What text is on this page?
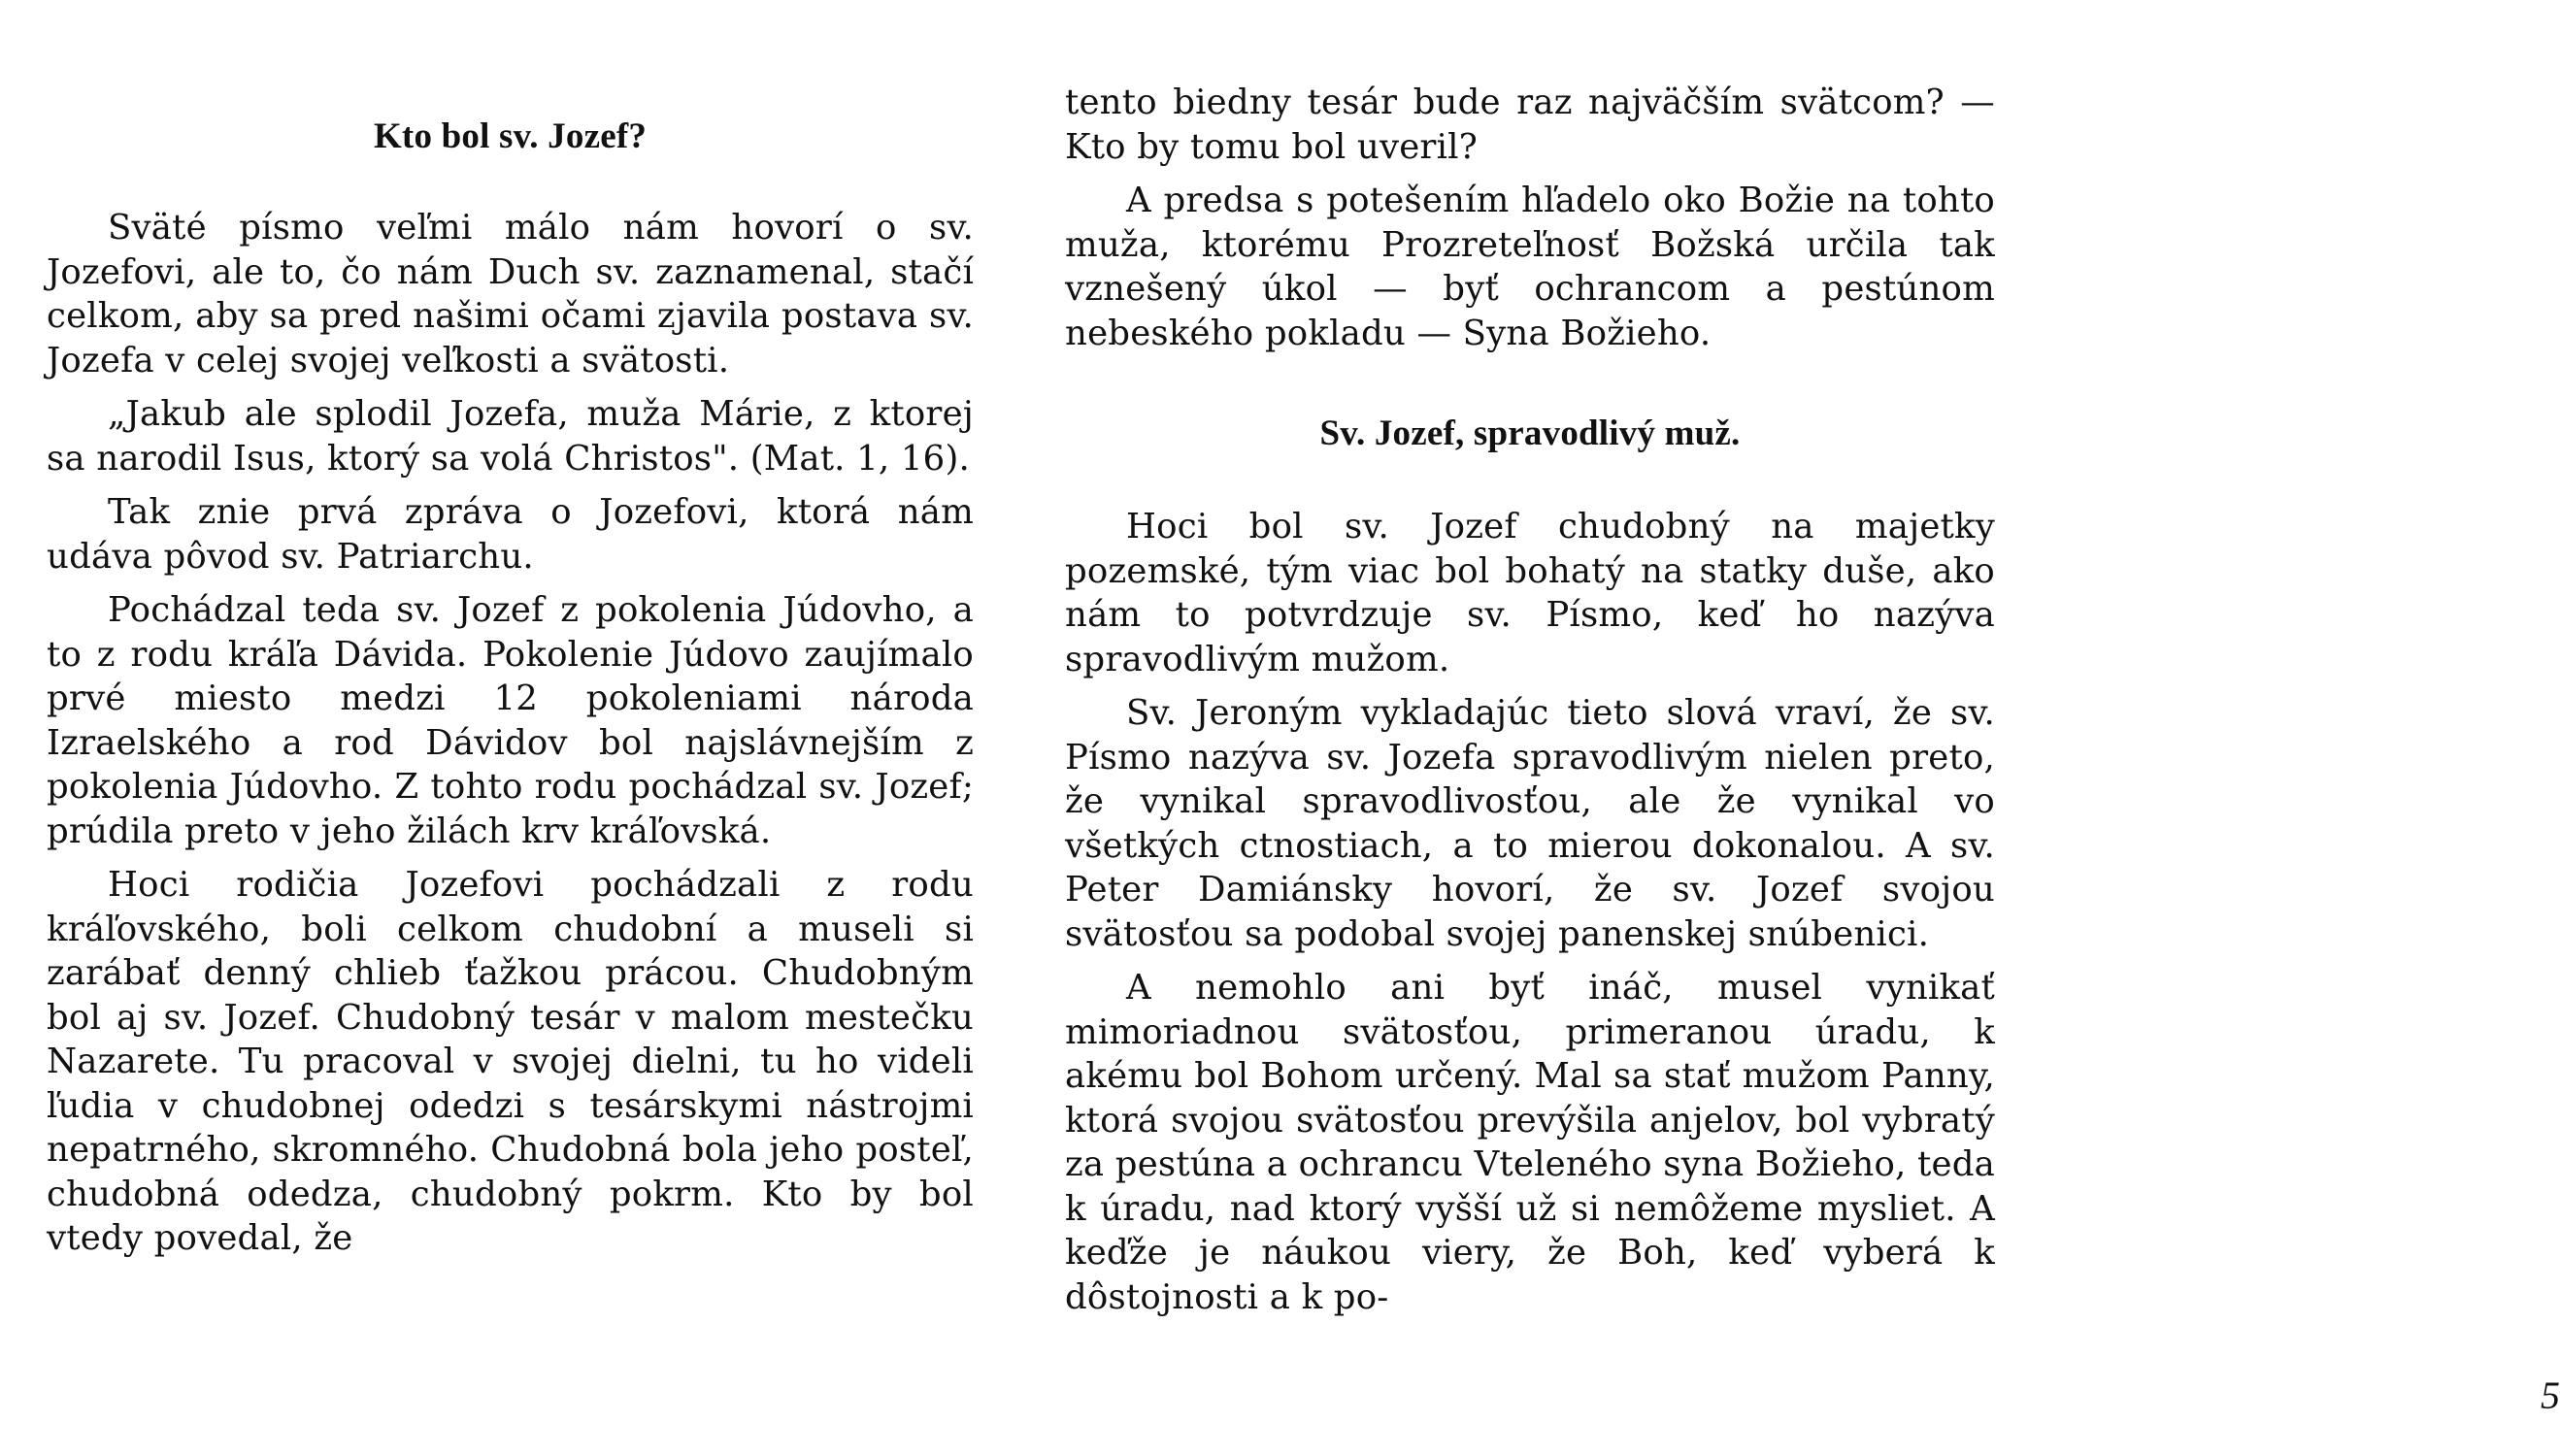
Kto bol sv. Jozef?

Sväté písmo veľmi málo nám hovorí o sv. Jozefovi, ale to, čo nám Duch sv. zaznamenal, stačí celkom, aby sa pred našimi očami zjavila postava sv. Jozefa v celej svojej veľkosti a svätosti.

„Jakub ale splodil Jozefa, muža Márie, z ktorej sa narodil Isus, ktorý sa volá Christos". (Mat. 1, 16).

Tak znie prvá zpráva o Jozefovi, ktorá nám udáva pôvod sv. Patriarchu.

Pochádzal teda sv. Jozef z pokolenia Júdovho, a to z rodu kráľa Dávida. Pokolenie Júdovo zaujímalo prvé miesto medzi 12 pokoleniami národa Izraelského a rod Dávidov bol najslávnejším z pokolenia Júdovho. Z tohto rodu pochádzal sv. Jozef; prúdila preto v jeho žilách krv kráľovská.

Hoci rodičia Jozefovi pochádzali z rodu kráľovského, boli celkom chudobní a museli si zarábať denný chlieb ťažkou prácou. Chudobným bol aj sv. Jozef. Chudobný tesár v malom mestečku Nazarete. Tu pracoval v svojej dielni, tu ho videli ľudia v chudobnej odedzi s tesárskymi nástrojmi nepatrného, skromného. Chudobná bola jeho posteľ, chudobná odedza, chudobný pokrm. Kto by bol vtedy povedal, že

tento biedny tesár bude raz najväčším svätcom? — Kto by tomu bol uveril?

A predsa s potešením hľadelo oko Božie na tohto muža, ktorému Prozreteľnosť Božská určila tak vznešený úkol — byť ochrancom a pestúnom nebeského pokladu — Syna Božieho.

Sv. Jozef, spravodlivý muž.

Hoci bol sv. Jozef chudobný na majetky pozemské, tým viac bol bohatý na statky duše, ako nám to potvrdzuje sv. Písmo, keď ho nazýva spravodlivým mužom.

Sv. Jeroným vykladajúc tieto slová vraví, že sv. Písmo nazýva sv. Jozefa spravodlivým nielen preto, že vynikal spravodlivosťou, ale že vynikal vo všetkých ctnostiach, a to mierou dokonalou. A sv. Peter Damiánsky hovorí, že sv. Jozef svojou svätosťou sa podobal svojej panenskej snúbenici.

A nemohlo ani byť ináč, musel vynikať mimoriadnou svätosťou, primeranou úradu, k akému bol Bohom určený. Mal sa stať mužom Panny, ktorá svojou svätosťou prevýšila anjelov, bol vybratý za pestúna a ochrancu Vteleného syna Božieho, teda k úradu, nad ktorý vyšší už si nemôžeme mysliet. A keďže je náukou viery, že Boh, keď vyberá k dôstojnosti a k po-

5
